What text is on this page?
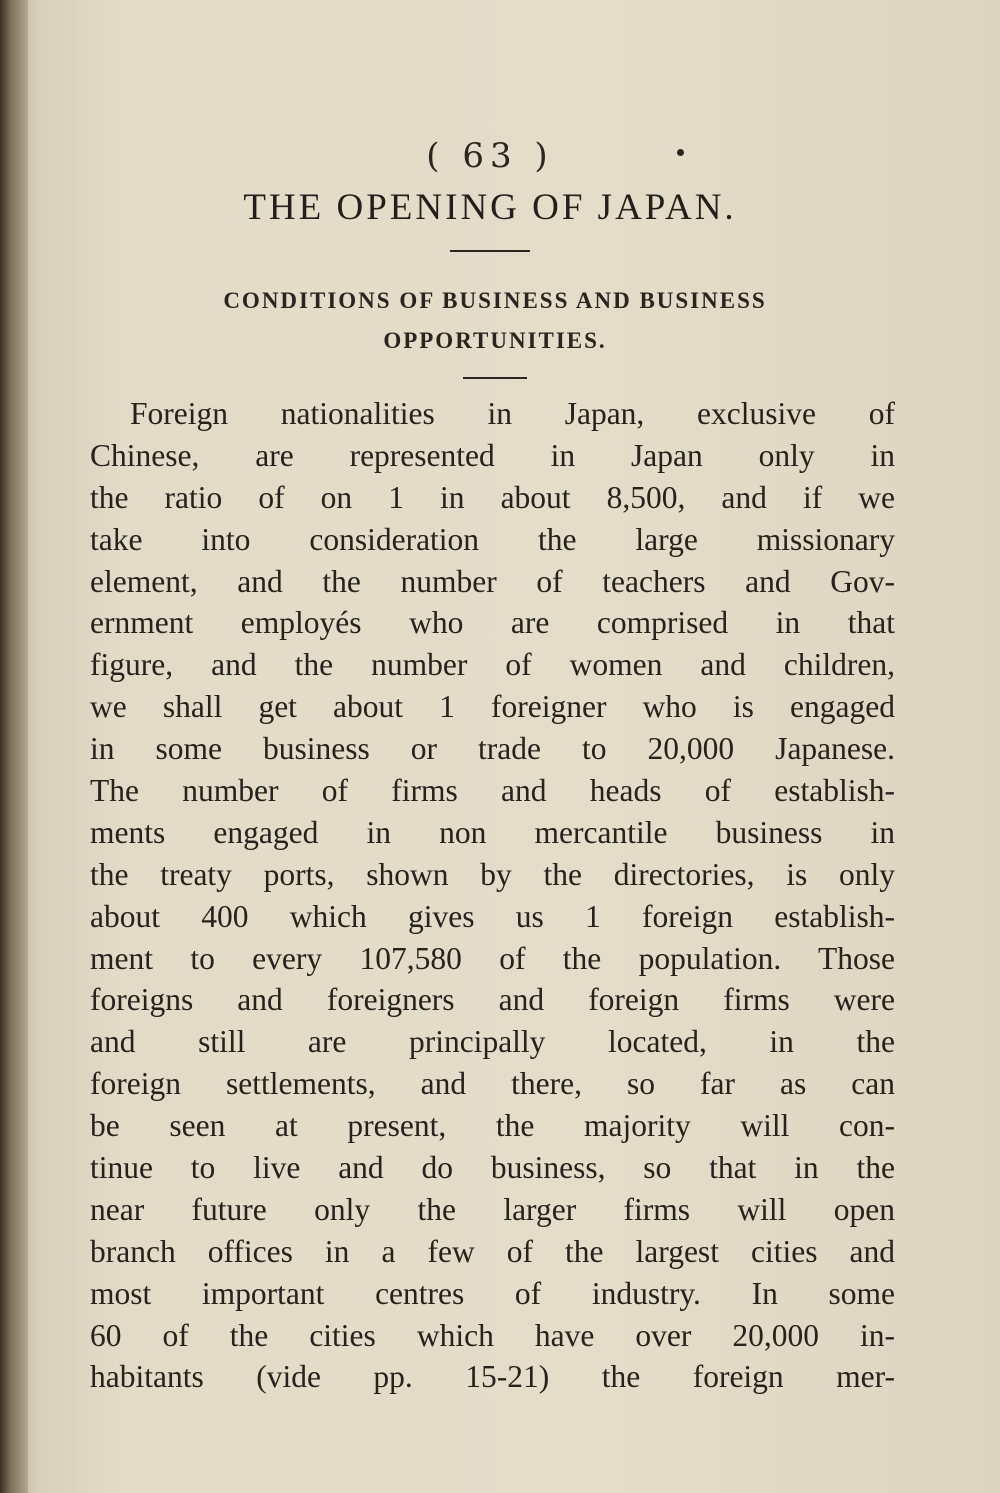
( 63 )
THE OPENING OF JAPAN.
CONDITIONS OF BUSINESS AND BUSINESS
OPPORTUNITIES.
Foreign nationalities in Japan, exclusive of
Chinese, are represented in Japan only in
the ratio of on 1 in about 8,500, and if we
take into consideration the large missionary
element, and the number of teachers and Gov-
ernment employés who are comprised in that
figure, and the number of women and children,
we shall get about 1 foreigner who is engaged
in some business or trade to 20,000 Japanese.
The number of firms and heads of establish-
ments engaged in non mercantile business in
the treaty ports, shown by the directories, is only
about 400 which gives us 1 foreign establish-
ment to every 107,580 of the population. Those
foreigns and foreigners and foreign firms were
and still are principally located, in the
foreign settlements, and there, so far as can
be seen at present, the majority will con-
tinue to live and do business, so that in the
near future only the larger firms will open
branch offices in a few of the largest cities and
most important centres of industry. In some
60 of the cities which have over 20,000 in-
habitants (vide pp. 15-21) the foreign mer-
